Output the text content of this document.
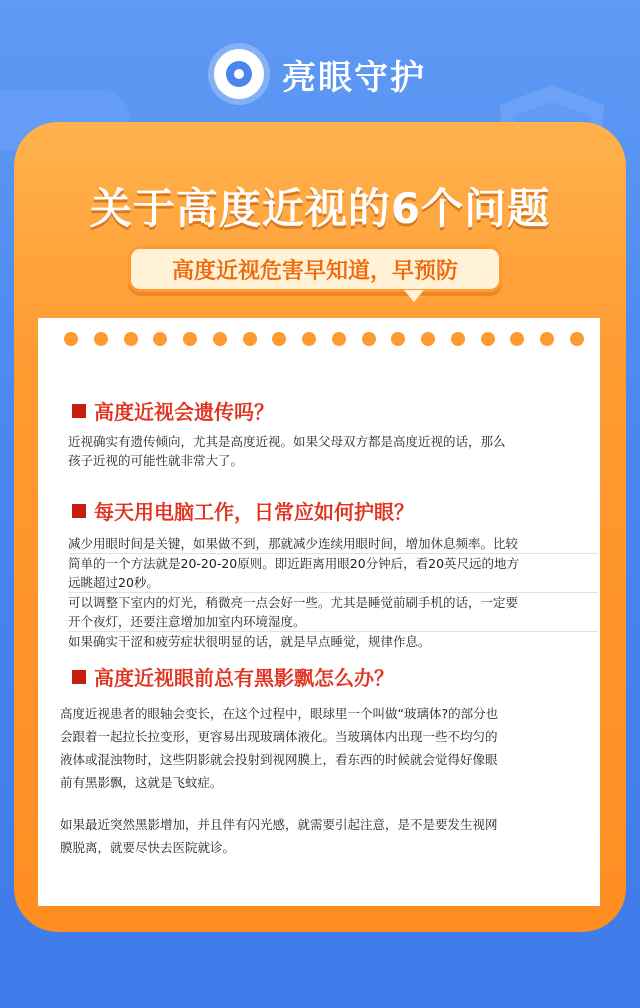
亮眼守护
关于高度近视的6个问题
高度近视危害早知道，早预防
高度近视会遗传吗？

近视确实有遗传倾向，尤其是高度近视。如果父母双方都是高度近视的话，那么

孩子近视的可能性就非常大了。

每天用电脑工作，日常应如何护眼？

减少用眼时间是关键，如果做不到，那就减少连续用眼时间，增加休息频率。比较

简单的一个方法就是20-20-20原则。即近距离用眼20分钟后，看20英尺远的地方

远眺超过20秒。

可以调整下室内的灯光，稍微亮一点会好一些。尤其是睡觉前刷手机的话，一定要

开个夜灯，还要注意增加加室内环境湿度。

如果确实干涩和疲劳症状很明显的话，就是早点睡觉，规律作息。

高度近视眼前总有黑影飘怎么办？

高度近视患者的眼轴会变长，在这个过程中，眼球里一个叫做“玻璃体?的部分也

会跟着一起拉长拉变形，更容易出现玻璃体液化。当玻璃体内出现一些不均匀的

液体或混浊物时，这些阴影就会投射到视网膜上，看东西的时候就会觉得好像眼

前有黑影飘，这就是飞蚊症。

如果最近突然黑影增加，并且伴有闪光感，就需要引起注意，是不是要发生视网

膜脱离，就要尽快去医院就诊。
